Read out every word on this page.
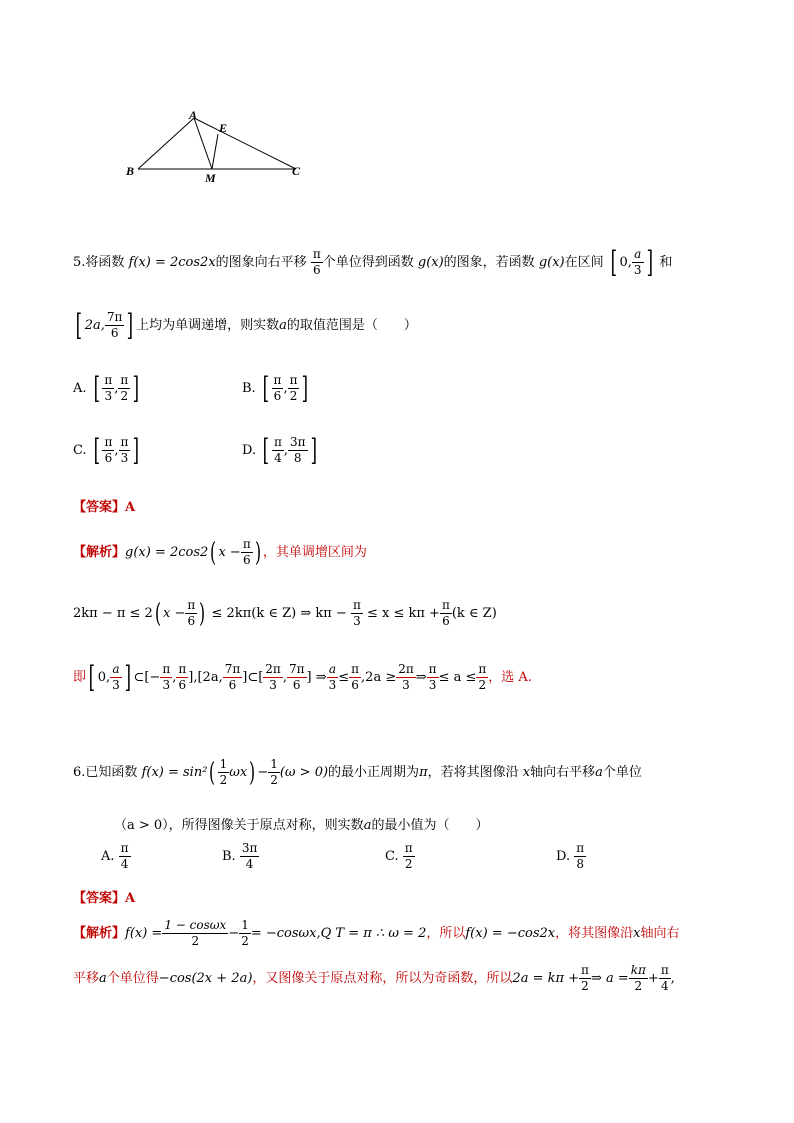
A
E
B	M	C
5.将函数 f(x) = 2cos2x的图象向右平移 $\frac{\pi}{6}$ 个单位得到函数 g(x)的图象，若函数 g(x)在区间 [ 0, $\frac{a}{3}$ ] 和
[ 2a, $\frac{7\pi}{6}$ ] 上均为单调递增，则实数a的取值范围是（　　）
A. [ $\frac{\pi}{3}$ , $\frac{\pi}{2}$ ]	B. [ $\frac{\pi}{6}$ , $\frac{\pi}{2}$ ]
C. [ $\frac{\pi}{6}$ , $\frac{\pi}{3}$ ]	D. [ $\frac{\pi}{4}$ , $\frac{3\pi}{8}$ ]
【答案】A
【解析】g(x) = 2cos2( $x - \frac{\pi}{6}$ ) ，其单调增区间为
2kπ − π ≤ 2( $x - \frac{\pi}{6}$ ) ≤ 2kπ(k ∈ Z) ⇒ $k\pi - \frac{\pi}{3} \le x \le k\pi + \frac{\pi}{6} (k$ ∈ Z)
即[ 0, $\frac{a}{3}$ ] ⊂[− $\frac{\pi}{3}$ , $\frac{\pi}{6} ],[2a$, $\frac{7\pi}{6}$ ]⊂[ $\frac{2\pi}{3}$ , $\frac{7\pi}{6}$ ] ⇒ $\frac{a}{3} \le \frac{\pi}{6} ,2a \ge \frac{2\pi}{3}$ ⇒ $\frac{\pi}{3} \le a \le \frac{\pi}{2}$ ，选 A.
6.已知函数 $f(x) = \sin^2( \frac{1}{2} \omega x) - \frac{1}{2} (\omega > 0)$的最小正周期为π，若将其图像沿 x轴向右平移a个单位
（a > 0），所得图像关于原点对称，则实数a的最小值为（　　）
A. $\frac{\pi}{4}$	B. $\frac{3\pi}{4}$	C. $\frac{\pi}{2}$	D. $\frac{\pi}{8}$
【答案】A
【解析】$f(x) = \frac{1 - \cos\omega x}{2} - \frac{1}{2} = -\cos\omega x,Q$ T = π ∴ ω = 2，所以f(x) = −cos2x，将其图像沿x轴向右
平移a个单位得−cos(2x + 2a)，又图像关于原点对称，所以为奇函数，所以$2a = k\pi + \frac{\pi}{2}$ ⇒ $a = \frac{k\pi}{2} + \frac{\pi}{4}$ ,
